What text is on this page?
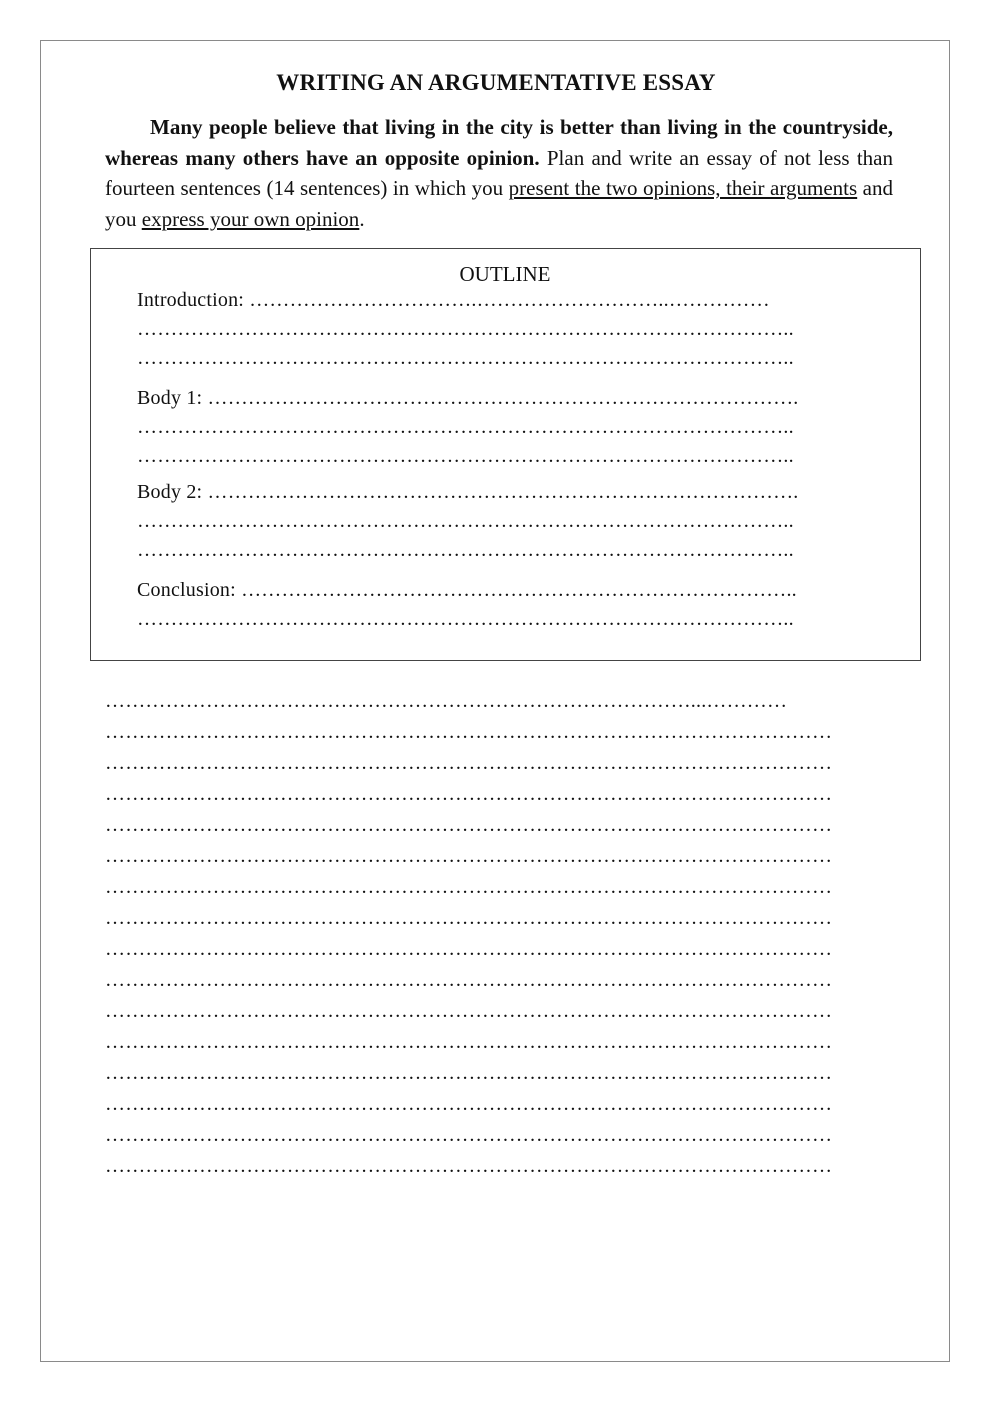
WRITING AN ARGUMENTATIVE ESSAY
Many people believe that living in the city is better than living in the countryside, whereas many others have an opposite opinion. Plan and write an essay of not less than fourteen sentences (14 sentences) in which you present the two opinions, their arguments and you express your own opinion.
OUTLINE
Introduction: …………………………….………………………..……………
……………………………………………………………………………………..
……………………………………………………………………………………..
Body 1: …………………………………………………………………………….
……………………………………………………………………………………..
……………………………………………………………………………………..
Body 2: …………………………………………………………………………….
……………………………………………………………………………………..
……………………………………………………………………………………..
Conclusion: ………………………………………………………………………..
……………………………………………………………………………………..
……………………………………………………………………………...…………
………………………………………………………………………………………………
………………………………………………………………………………………………
………………………………………………………………………………………………
………………………………………………………………………………………………
………………………………………………………………………………………………
………………………………………………………………………………………………
………………………………………………………………………………………………
………………………………………………………………………………………………
………………………………………………………………………………………………
………………………………………………………………………………………………
………………………………………………………………………………………………
………………………………………………………………………………………………
………………………………………………………………………………………………
………………………………………………………………………………………………
………………………………………………………………………………………………
